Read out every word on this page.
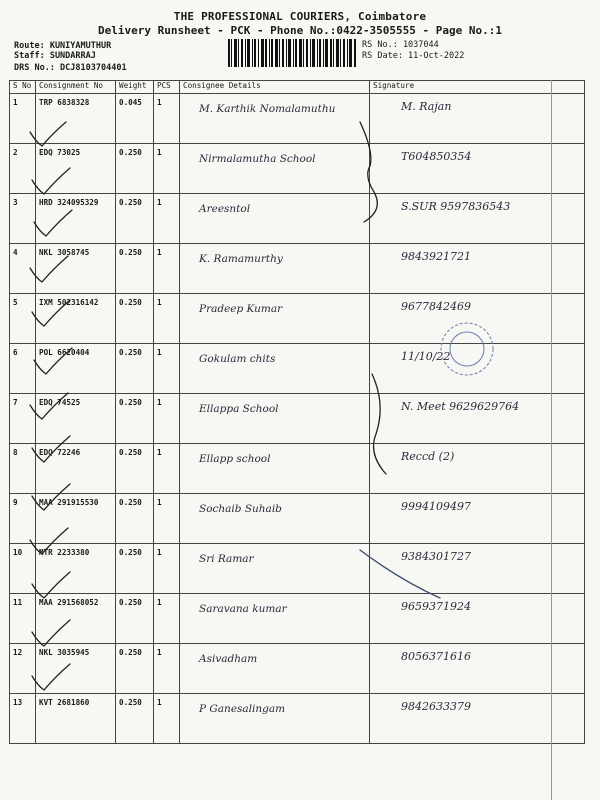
THE PROFESSIONAL COURIERS, Coimbatore
Delivery Runsheet - PCK - Phone No.:0422-3505555 - Page No.:1
Route: KUNIYAMUTHUR
Staff: SUNDARRAJ
DRS No.: DCJ8103704401
RS No.: 1037044
RS Date: 11-Oct-2022
S No	Consignment No	Weight	PCS	Consignee Details	Signature
1	TRP 6838328	0.045	1	M. Karthik Nomalamuthu	M. Rajan
2	EDQ 73025	0.250	1	Nirmalamutha School	T604850354
3	HRD 324095329	0.250	1	Areesntol	S.SUR 9597836543
4	NKL 3058745	0.250	1	K. Ramamurthy	9843921721
5	IXM 502316142	0.250	1	Pradeep Kumar	9677842469
6	POL 6620404	0.250	1	Gokulam chits	11/10/22
7	EDQ 74525	0.250	1	Ellappa School	N. Meet 9629629764
8	EDQ 72246	0.250	1	Ellapp school	Reccd (2)
9	MAA 291915530	0.250	1	Sochaib Suhaib	9994109497
10	MTR 2233380	0.250	1	Sri Ramar	9384301727
11	MAA 291568052	0.250	1	Saravana kumar	9659371924
12	NKL 3035945	0.250	1	Asivadham	8056371616
13	KVT 2681860	0.250	1	P Ganesalingam	9842633379
